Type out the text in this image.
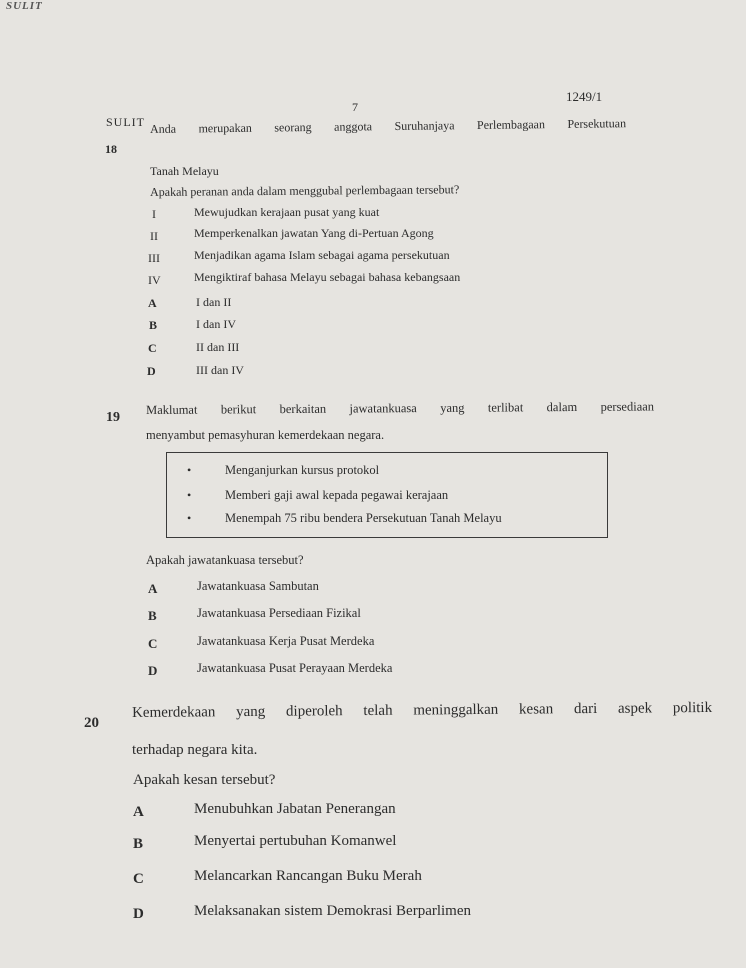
SULIT
7
1249/1
SULIT
18
Anda merupakan seorang anggota Suruhanjaya Perlembagaan Persekutuan
Tanah Melayu
Apakah peranan anda dalam menggubal perlembagaan tersebut?
I	Mewujudkan kerajaan pusat yang kuat
II	Memperkenalkan jawatan Yang di-Pertuan Agong
III	Menjadikan agama Islam sebagai agama persekutuan
IV	Mengiktiraf bahasa Melayu sebagai bahasa kebangsaan
A	I dan II
B	I dan IV
C	II dan III
D	III dan IV
19
Maklumat berikut berkaitan jawatankuasa yang terlibat dalam persediaan
menyambut pemasyhuran kemerdekaan negara.
•	Menganjurkan kursus protokol
•	Memberi gaji awal kepada pegawai kerajaan
•	Menempah 75 ribu bendera Persekutuan Tanah Melayu
Apakah jawatankuasa tersebut?
A	Jawatankuasa Sambutan
B	Jawatankuasa Persediaan Fizikal
C	Jawatankuasa Kerja Pusat Merdeka
D	Jawatankuasa Pusat Perayaan Merdeka
20
Kemerdekaan yang diperoleh telah meninggalkan kesan dari aspek politik
terhadap negara kita.
Apakah kesan tersebut?
A	Menubuhkan Jabatan Penerangan
B	Menyertai pertubuhan Komanwel
C	Melancarkan Rancangan Buku Merah
D	Melaksanakan sistem Demokrasi Berparlimen
